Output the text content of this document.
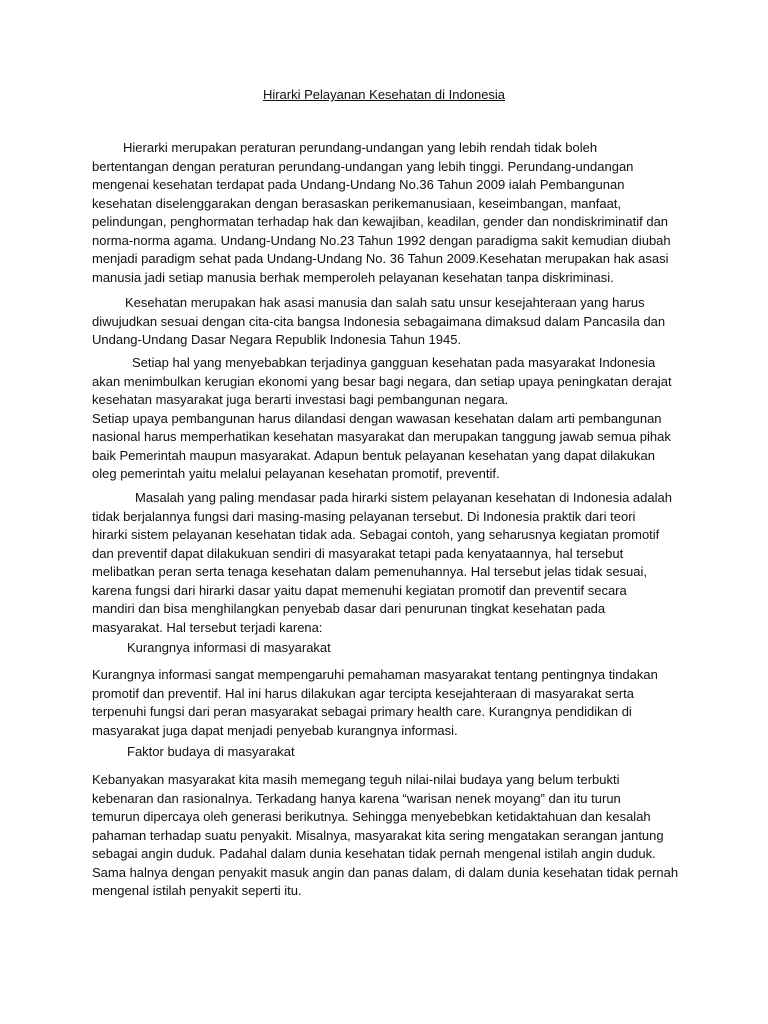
Hirarki Pelayanan Kesehatan di Indonesia
Hierarki merupakan peraturan perundang-undangan yang lebih rendah tidak boleh
bertentangan dengan peraturan perundang-undangan yang lebih tinggi. Perundang-undangan
mengenai kesehatan terdapat pada Undang-Undang No.36 Tahun 2009 ialah Pembangunan
kesehatan diselenggarakan dengan berasaskan perikemanusiaan, keseimbangan, manfaat,
pelindungan, penghormatan terhadap hak dan kewajiban, keadilan, gender dan nondiskriminatif dan
norma-norma agama. Undang-Undang No.23 Tahun 1992 dengan paradigma sakit kemudian diubah
menjadi paradigm sehat pada Undang-Undang No. 36 Tahun 2009.Kesehatan merupakan hak asasi
manusia jadi setiap manusia berhak memperoleh pelayanan kesehatan tanpa diskriminasi.
Kesehatan merupakan hak asasi manusia dan salah satu unsur kesejahteraan yang harus
diwujudkan sesuai dengan cita-cita bangsa Indonesia sebagaimana dimaksud dalam Pancasila dan
Undang-Undang Dasar Negara Republik Indonesia Tahun 1945.
Setiap hal yang menyebabkan terjadinya gangguan kesehatan pada masyarakat Indonesia
akan menimbulkan kerugian ekonomi yang besar bagi negara, dan setiap upaya peningkatan derajat
kesehatan masyarakat juga berarti investasi bagi pembangunan negara.
Setiap upaya pembangunan harus dilandasi dengan wawasan kesehatan dalam arti pembangunan
nasional harus memperhatikan kesehatan masyarakat dan merupakan tanggung jawab semua pihak
baik Pemerintah maupun masyarakat. Adapun bentuk pelayanan kesehatan yang dapat dilakukan
oleg pemerintah yaitu melalui pelayanan kesehatan promotif, preventif.
Masalah yang paling mendasar pada hirarki sistem pelayanan kesehatan di Indonesia adalah
tidak berjalannya fungsi dari masing-masing pelayanan tersebut. Di Indonesia praktik dari teori
hirarki sistem pelayanan kesehatan tidak ada. Sebagai contoh, yang seharusnya kegiatan promotif
dan preventif dapat dilakukuan sendiri di masyarakat tetapi pada kenyataannya, hal tersebut
melibatkan peran serta tenaga kesehatan dalam pemenuhannya. Hal tersebut jelas tidak sesuai,
karena fungsi dari hirarki dasar yaitu dapat memenuhi kegiatan promotif dan preventif secara
mandiri dan bisa menghilangkan penyebab dasar dari penurunan tingkat kesehatan pada
masyarakat. Hal tersebut terjadi karena:
Kurangnya informasi di masyarakat
Kurangnya informasi sangat mempengaruhi pemahaman masyarakat tentang pentingnya tindakan
promotif dan preventif. Hal ini harus dilakukan agar tercipta kesejahteraan di masyarakat serta
terpenuhi fungsi dari peran masyarakat sebagai primary health care. Kurangnya pendidikan di
masyarakat juga dapat menjadi penyebab kurangnya informasi.
Faktor budaya di masyarakat
Kebanyakan masyarakat kita masih memegang teguh nilai-nilai budaya yang belum terbukti
kebenaran dan rasionalnya. Terkadang hanya karena “warisan nenek moyang” dan itu turun
temurun dipercaya oleh generasi berikutnya. Sehingga menyebebkan ketidaktahuan dan kesalah
pahaman terhadap suatu penyakit. Misalnya, masyarakat kita sering mengatakan serangan jantung
sebagai angin duduk. Padahal dalam dunia kesehatan tidak pernah mengenal istilah angin duduk.
Sama halnya dengan penyakit masuk angin dan panas dalam, di dalam dunia kesehatan tidak pernah
mengenal istilah penyakit seperti itu.
